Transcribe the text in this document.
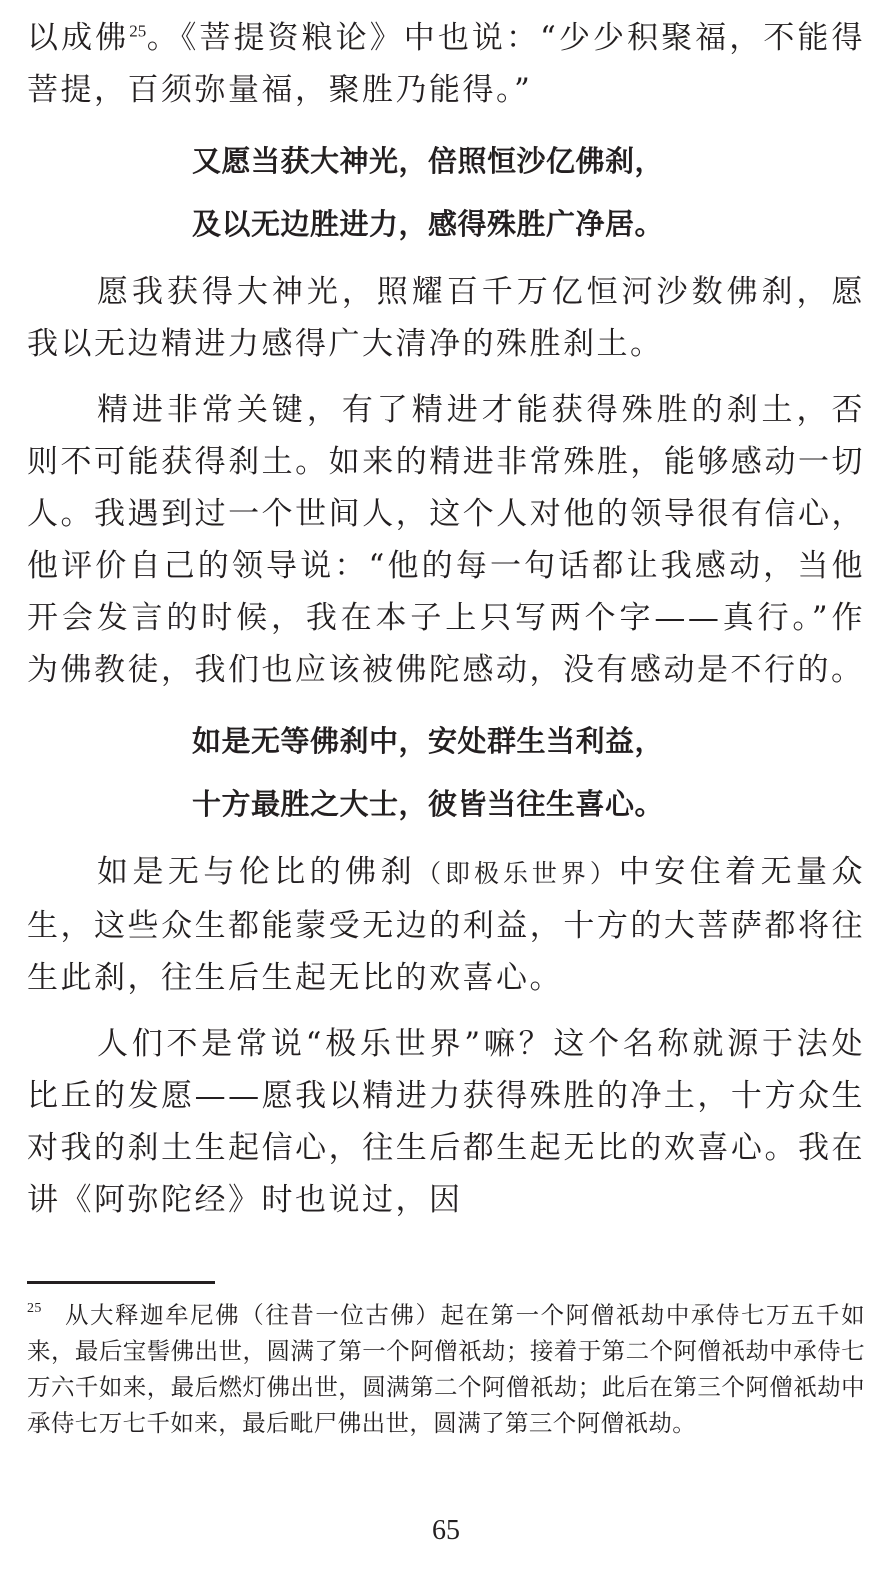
以成佛$^{25}$。《菩提资粮论》中也说：“少少积聚福，不能得菩提，百须弥量福，聚胜乃能得。”

又愿当获大神光，倍照恒沙亿佛刹，

及以无边胜进力，感得殊胜广净居。

愿我获得大神光，照耀百千万亿恒河沙数佛刹，愿我以无边精进力感得广大清净的殊胜刹土。

精进非常关键，有了精进才能获得殊胜的刹土，否则不可能获得刹土。如来的精进非常殊胜，能够感动一切人。我遇到过一个世间人，这个人对他的领导很有信心，他评价自己的领导说：“他的每一句话都让我感动，当他开会发言的时候，我在本子上只写两个字——真行。”作为佛教徒，我们也应该被佛陀感动，没有感动是不行的。

如是无等佛刹中，安处群生当利益，

十方最胜之大士，彼皆当往生喜心。

如是无与伦比的佛刹（即极乐世界）中安住着无量众生，这些众生都能蒙受无边的利益，十方的大菩萨都将往生此刹，往生后生起无比的欢喜心。

人们不是常说“极乐世界”嘛？这个名称就源于法处比丘的发愿——愿我以精进力获得殊胜的净土，十方众生对我的刹土生起信心，往生后都生起无比的欢喜心。我在讲《阿弥陀经》时也说过，因

$^{25}$ 从大释迦牟尼佛（往昔一位古佛）起在第一个阿僧祇劫中承侍七万五千如来，最后宝髻佛出世，圆满了第一个阿僧祇劫；接着于第二个阿僧祇劫中承侍七万六千如来，最后燃灯佛出世，圆满第二个阿僧祇劫；此后在第三个阿僧祇劫中承侍七万七千如来，最后毗尸佛出世，圆满了第三个阿僧祇劫。

65
